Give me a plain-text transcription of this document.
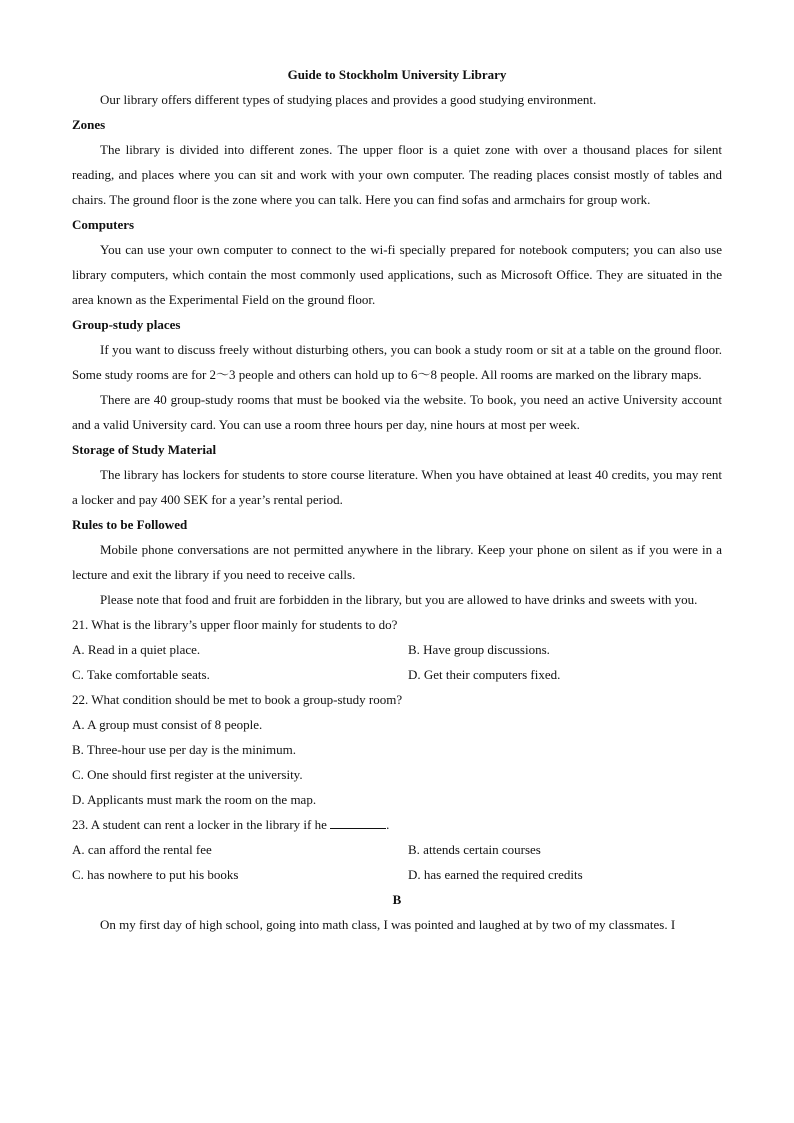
Guide to Stockholm University Library
Our library offers different types of studying places and provides a good studying environment.
Zones
The library is divided into different zones. The upper floor is a quiet zone with over a thousand places for silent reading, and places where you can sit and work with your own computer. The reading places consist mostly of tables and chairs. The ground floor is the zone where you can talk. Here you can find sofas and armchairs for group work.
Computers
You can use your own computer to connect to the wi-fi specially prepared for notebook computers; you can also use library computers, which contain the most commonly used applications, such as Microsoft Office. They are situated in the area known as the Experimental Field on the ground floor.
Group-study places
If you want to discuss freely without disturbing others, you can book a study room or sit at a table on the ground floor. Some study rooms are for 2～3 people and others can hold up to 6～8 people. All rooms are marked on the library maps.
There are 40 group-study rooms that must be booked via the website. To book, you need an active University account and a valid University card. You can use a room three hours per day, nine hours at most per week.
Storage of Study Material
The library has lockers for students to store course literature. When you have obtained at least 40 credits, you may rent a locker and pay 400 SEK for a year’s rental period.
Rules to be Followed
Mobile phone conversations are not permitted anywhere in the library. Keep your phone on silent as if you were in a lecture and exit the library if you need to receive calls.
Please note that food and fruit are forbidden in the library, but you are allowed to have drinks and sweets with you.
21. What is the library’s upper floor mainly for students to do?
A. Read in a quiet place.	B. Have group discussions.
C. Take comfortable seats.	D. Get their computers fixed.
22. What condition should be met to book a group-study room?
A. A group must consist of 8 people.
B. Three-hour use per day is the minimum.
C. One should first register at the university.
D. Applicants must mark the room on the map.
23. A student can rent a locker in the library if he	.
A. can afford the rental fee	B. attends certain courses
C. has nowhere to put his books	D. has earned the required credits
B
On my first day of high school, going into math class, I was pointed and laughed at by two of my classmates. I
